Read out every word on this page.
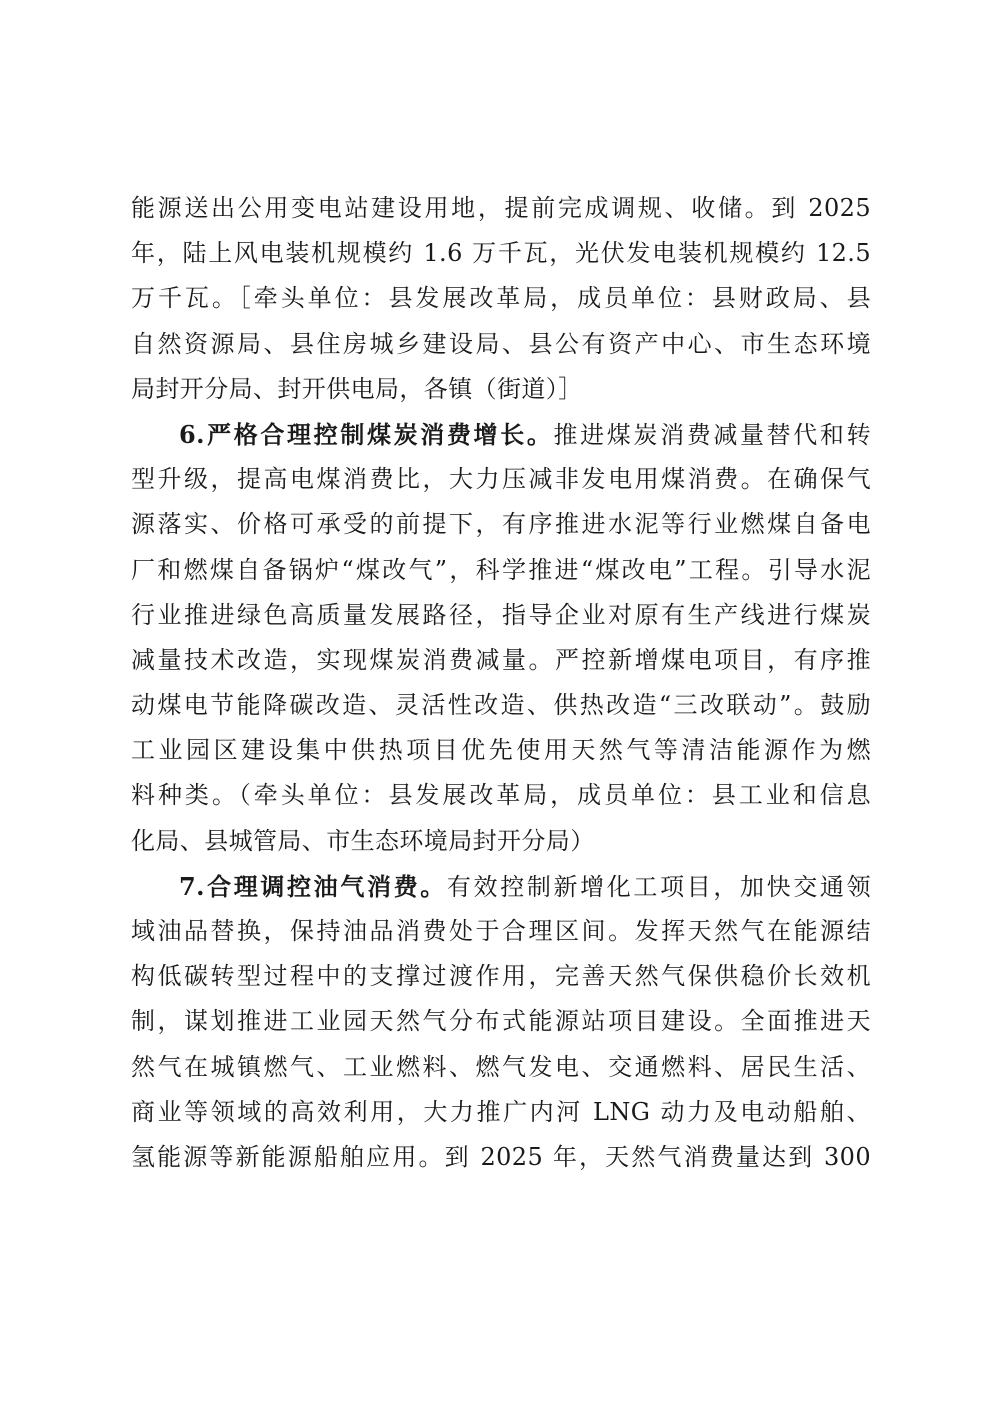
能源送出公用变电站建设用地，提前完成调规、收储。到 2025
年，陆上风电装机规模约 1.6 万千瓦，光伏发电装机规模约 12.5
万千瓦。［牵头单位：县发展改革局，成员单位：县财政局、县
自然资源局、县住房城乡建设局、县公有资产中心、市生态环境
局封开分局、封开供电局，各镇（街道）］
6.严格合理控制煤炭消费增长。推进煤炭消费减量替代和转
型升级，提高电煤消费比，大力压减非发电用煤消费。在确保气
源落实、价格可承受的前提下，有序推进水泥等行业燃煤自备电
厂和燃煤自备锅炉“煤改气”，科学推进“煤改电”工程。引导水泥
行业推进绿色高质量发展路径，指导企业对原有生产线进行煤炭
减量技术改造，实现煤炭消费减量。严控新增煤电项目，有序推
动煤电节能降碳改造、灵活性改造、供热改造“三改联动”。鼓励
工业园区建设集中供热项目优先使用天然气等清洁能源作为燃
料种类。（牵头单位：县发展改革局，成员单位：县工业和信息
化局、县城管局、市生态环境局封开分局）
7.合理调控油气消费。有效控制新增化工项目，加快交通领
域油品替换，保持油品消费处于合理区间。发挥天然气在能源结
构低碳转型过程中的支撑过渡作用，完善天然气保供稳价长效机
制，谋划推进工业园天然气分布式能源站项目建设。全面推进天
然气在城镇燃气、工业燃料、燃气发电、交通燃料、居民生活、
商业等领域的高效利用，大力推广内河 LNG 动力及电动船舶、
氢能源等新能源船舶应用。到 2025 年，天然气消费量达到 300
